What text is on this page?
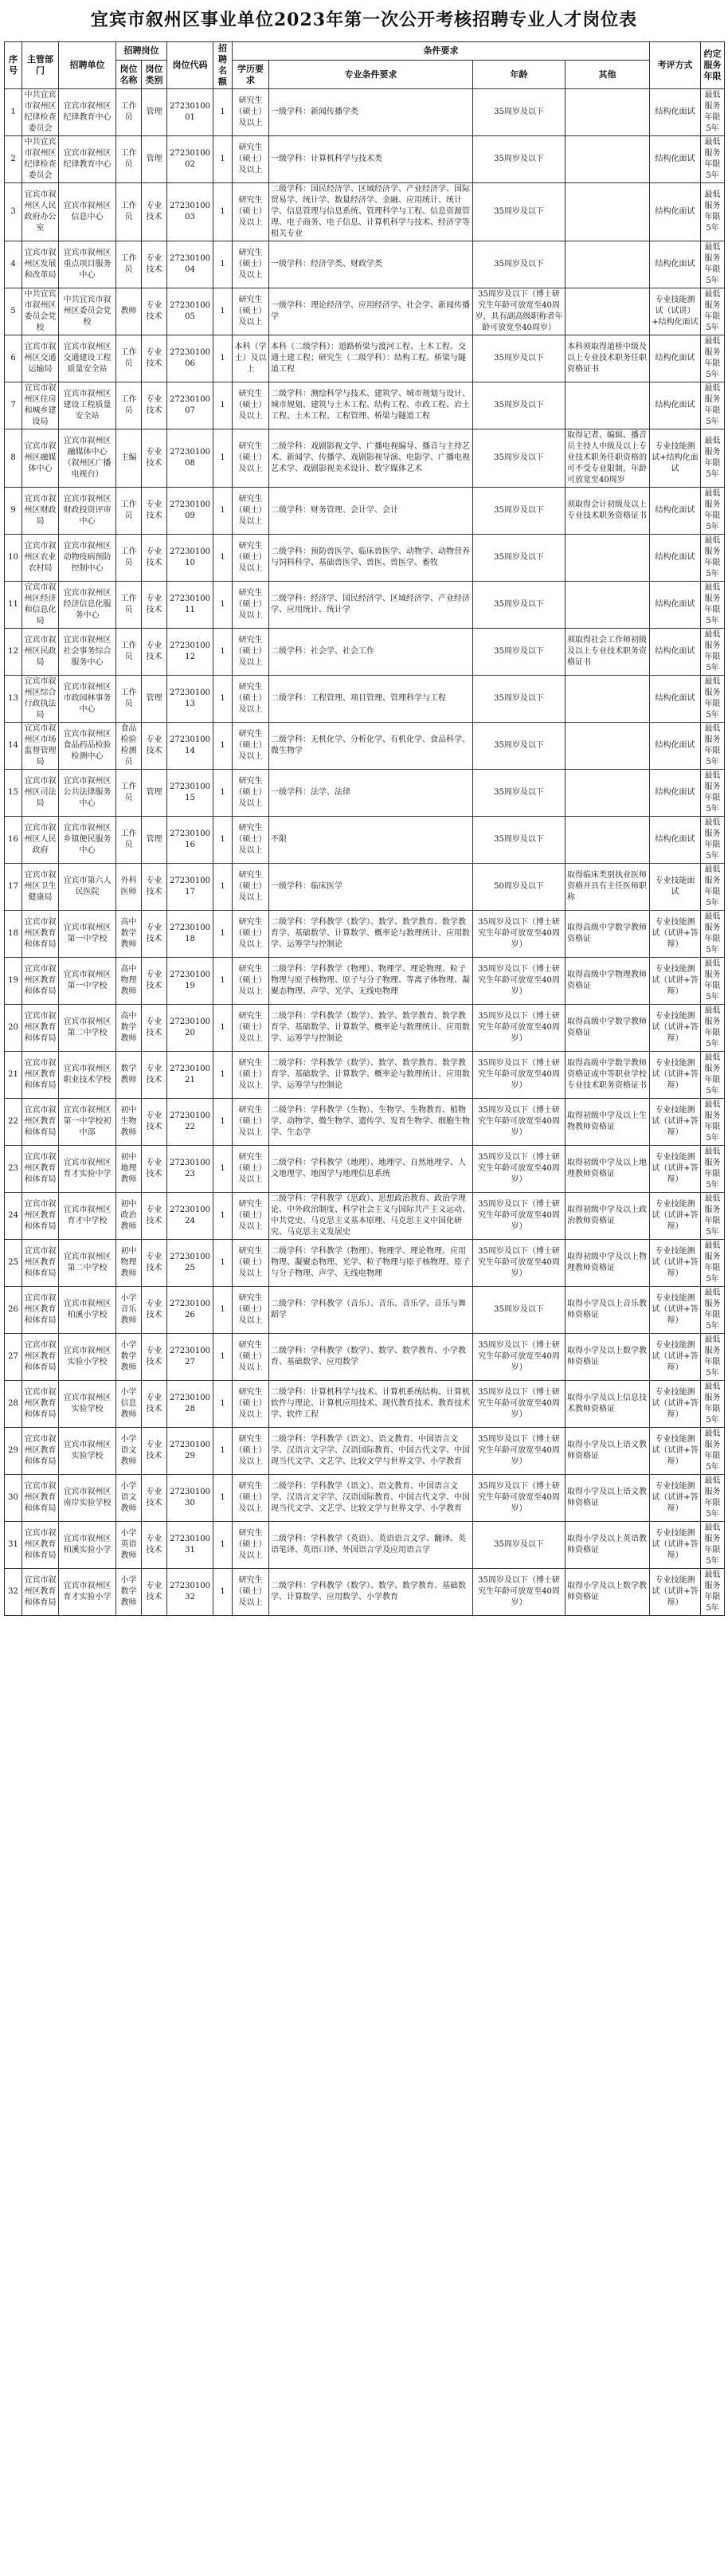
宜宾市叙州区事业单位2023年第一次公开考核招聘专业人才岗位表
序号	主管部门	招聘单位	招聘岗位		岗位代码	招聘名额	条件要求				考评方式	约定服务年限
			岗位名称	岗位类别			学历要求	专业条件要求	年龄	其他		
1	中共宜宾市叙州区纪律检查委员会	宜宾市叙州区纪律教育中心	工作员	管理	2723010001	1	研究生（硕士）及以上	一级学科：新闻传播学类	35周岁及以下		结构化面试	最低服务年限5年
2	中共宜宾市叙州区纪律检查委员会	宜宾市叙州区纪律教育中心	工作员	管理	2723010002	1	研究生（硕士）及以上	一级学科：计算机科学与技术类	35周岁及以下		结构化面试	最低服务年限5年
3	宜宾市叙州区人民政府办公室	宜宾市叙州区信息中心	工作员	专业技术	2723010003	1	研究生（硕士）及以上	二级学科：国民经济学、区域经济学、产业经济学、国际贸易学、统计学、数量经济学、金融、应用统计、统计学、信息管理与信息系统、管理科学与工程、信息资源管理、电子商务、电子信息、计算机科学与技术、经济学等相关专业	35周岁及以下		结构化面试	最低服务年限5年
4	宜宾市叙州区发展和改革局	宜宾市叙州区重点项目服务中心	工作员	专业技术	2723010004	1	研究生（硕士）及以上	一级学科：经济学类、财政学类	35周岁及以下		结构化面试	最低服务年限5年
5	中共宜宾市叙州区委员会党校	中共宜宾市叙州区委员会党校	教师	专业技术	2723010005	1	研究生（硕士）及以上	一级学科：理论经济学、应用经济学、社会学、新闻传播学	35周岁及以下（博士研究生年龄可放宽至40周岁，具有副高级职称者年龄可放宽至40周岁）		专业技能测试（试讲）+结构化面试	最低服务年限5年
6	宜宾市叙州区交通运输局	宜宾市叙州区交通建设工程质量安全站	工作员	专业技术	2723010006	1	本科（学士）及以上	本科（二级学科）：道路桥梁与渡河工程、土木工程、交通土建工程；研究生（二级学科）：结构工程、桥梁与隧道工程	35周岁及以下	本科须取得道桥中级及以上专业技术职务任职资格证书	结构化面试	最低服务年限5年
7	宜宾市叙州区住房和城乡建设局	宜宾市叙州区建设工程质量安全站	工作员	专业技术	2723010007	1	研究生（硕士）及以上	二级学科：测绘科学与技术、建筑学、城市规划与设计、城市规划、建筑与土木工程、结构工程、市政工程、岩土工程、土木工程、工程管理、桥梁与隧道工程	35周岁及以下		结构化面试	最低服务年限5年
8	宜宾市叙州区融媒体中心	宜宾市叙州区融媒体中心（叙州区广播电视台）	主编	专业技术	2723010008	1	研究生（硕士）及以上	二级学科：戏剧影视文学、广播电视编导、播音与主持艺术、新闻学、传播学、戏剧影视导演、电影学、广播电视艺术学、戏剧影视美术设计、数字媒体艺术	35周岁及以下	取得记者、编辑、播音员主持人中级及以上专业技术职务任职资格的可不受专业限制，年龄可放宽至40周岁	专业技能测试+结构化面试	最低服务年限5年
9	宜宾市叙州区财政局	宜宾市叙州区财政投资评审中心	工作员	专业技术	2723010009	1	研究生（硕士）及以上	二级学科：财务管理、会计学、会计	35周岁及以下	须取得会计初级及以上专业技术职务资格证书	结构化面试	最低服务年限5年
10	宜宾市叙州区农业农村局	宜宾市叙州区动物疫病预防控制中心	工作员	专业技术	2723010010	1	研究生（硕士）及以上	二级学科：预防兽医学、临床兽医学、动物学、动物营养与饲料科学、基础兽医学、兽医、兽医学、畜牧	35周岁及以下		结构化面试	最低服务年限5年
11	宜宾市叙州区经济和信息化局	宜宾市叙州区经济信息化服务中心	工作员	专业技术	2723010011	1	研究生（硕士）及以上	二级学科：经济学、国民经济学、区域经济学、产业经济学、应用统计、统计学	35周岁及以下		结构化面试	最低服务年限5年
12	宜宾市叙州区民政局	宜宾市叙州区社会事务综合服务中心	工作员	专业技术	2723010012	1	研究生（硕士）及以上	二级学科：社会学、社会工作	35周岁及以下	须取得社会工作师初级及以上专业技术职务资格证书	结构化面试	最低服务年限5年
13	宜宾市叙州区综合行政执法局	宜宾市叙州区市政园林事务中心	工作员	管理	2723010013	1	研究生（硕士）及以上	二级学科：工程管理、项目管理、管理科学与工程	35周岁及以下		结构化面试	最低服务年限5年
14	宜宾市叙州区市场监督管理局	宜宾市叙州区食品药品检验检测中心	食品检验检测员	专业技术	2723010014	1	研究生（硕士）及以上	二级学科：无机化学、分析化学、有机化学、食品科学、微生物学	35周岁及以下		结构化面试	最低服务年限5年
15	宜宾市叙州区司法局	宜宾市叙州区公共法律服务中心	工作员	管理	2723010015	1	研究生（硕士）及以上	一级学科：法学、法律	35周岁及以下		结构化面试	最低服务年限5年
16	宜宾市叙州区人民政府	宜宾市叙州区乡镇便民服务中心	工作员	管理	2723010016	1	研究生（硕士）及以上	不限	35周岁及以下		结构化面试	最低服务年限5年
17	宜宾市叙州区卫生健康局	宜宾市第六人民医院	外科医师	专业技术	2723010017	1	研究生（硕士）及以上	一级学科：临床医学	50周岁及以下	取得临床类别执业医师资格并具有主任医师职称	专业技能面试	最低服务年限5年
18	宜宾市叙州区教育和体育局	宜宾市叙州区第一中学校	高中数学教师	专业技术	2723010018	1	研究生（硕士）及以上	二级学科：学科教学（数学）、数学、数学教育、数学教育学、基础数学、计算数学、概率论与数理统计、应用数学、运筹学与控制论	35周岁及以下（博士研究生年龄可放宽至40周岁）	取得高级中学数学教师资格证	专业技能测试（试讲+答辩）	最低服务年限5年
19	宜宾市叙州区教育和体育局	宜宾市叙州区第一中学校	高中物理教师	专业技术	2723010019	1	研究生（硕士）及以上	二级学科：学科教学（物理）、物理学、理论物理、粒子物理与原子核物理、原子与分子物理、等离子体物理、凝聚态物理、声学、光学、无线电物理	35周岁及以下（博士研究生年龄可放宽至40周岁）	取得高级中学物理教师资格证	专业技能测试（试讲+答辩）	最低服务年限5年
20	宜宾市叙州区教育和体育局	宜宾市叙州区第二中学校	高中数学教师	专业技术	2723010020	1	研究生（硕士）及以上	二级学科：学科教学（数学）、数学、数学教育、数学教育学、基础数学、计算数学、概率论与数理统计、应用数学、运筹学与控制论	35周岁及以下（博士研究生年龄可放宽至40周岁）	取得高级中学数学教师资格证	专业技能测试（试讲+答辩）	最低服务年限5年
21	宜宾市叙州区教育和体育局	宜宾市叙州区职业技术学校	数学教师	专业技术	2723010021	1	研究生（硕士）及以上	二级学科：学科教学（数学）、数学、数学教育、数学教育学、基础数学、计算数学、概率论与数理统计、应用数学、运筹学与控制论	35周岁及以下（博士研究生年龄可放宽至40周岁）	取得高级中学数学教师资格证或中等职业学校专业技术职务资格证书	专业技能测试（试讲+答辩）	最低服务年限5年
22	宜宾市叙州区教育和体育局	宜宾市叙州区第一中学校初中部	初中生物教师	专业技术	2723010022	1	研究生（硕士）及以上	二级学科：学科教学（生物）、生物学、生物教育、植物学、动物学、微生物学、遗传学、发育生物学、细胞生物学、生态学	35周岁及以下（博士研究生年龄可放宽至40周岁）	取得初级中学及以上生物教师资格证	专业技能测试（试讲+答辩）	最低服务年限5年
23	宜宾市叙州区教育和体育局	宜宾市叙州区育才实验中学	初中地理教师	专业技术	2723010023	1	研究生（硕士）及以上	二级学科：学科教学（地理）、地理学、自然地理学、人文地理学、地图学与地理信息系统	35周岁及以下（博士研究生年龄可放宽至40周岁）	取得初级中学及以上地理教师资格证	专业技能测试（试讲+答辩）	最低服务年限5年
24	宜宾市叙州区教育和体育局	宜宾市叙州区育才中学校	初中政治教师	专业技术	2723010024	1	研究生（硕士）及以上	二级学科：学科教学（思政）、思想政治教育、政治学理论、中外政治制度、科学社会主义与国际共产主义运动、中共党史、马克思主义基本原理、马克思主义中国化研究、马克思主义发展史	35周岁及以下（博士研究生年龄可放宽至40周岁）	取得初级中学及以上政治教师资格证	专业技能测试（试讲+答辩）	最低服务年限5年
25	宜宾市叙州区教育和体育局	宜宾市叙州区第二中学校	初中物理教师	专业技术	2723010025	1	研究生（硕士）及以上	二级学科：学科教学（物理）、物理学、理论物理、应用物理、凝聚态物理、光学、粒子物理与原子核物理、原子与分子物理、声学、无线电物理	35周岁及以下（博士研究生年龄可放宽至40周岁）	取得初级中学及以上物理教师资格证	专业技能测试（试讲+答辩）	最低服务年限5年
26	宜宾市叙州区教育和体育局	宜宾市叙州区柏溪小学校	小学音乐教师	专业技术	2723010026	1	研究生（硕士）及以上	二级学科：学科教学（音乐）、音乐、音乐学、音乐与舞蹈学	35周岁及以下	取得小学及以上音乐教师资格证	专业技能测试（试讲+答辩）	最低服务年限5年
27	宜宾市叙州区教育和体育局	宜宾市叙州区实验小学校	小学数学教师	专业技术	2723010027	1	研究生（硕士）及以上	二级学科：学科教学（数学）、数学、数学教育、小学教育、基础数学、应用数学	35周岁及以下（博士研究生年龄可放宽至40周岁）	取得小学及以上数学教师资格证	专业技能测试（试讲+答辩）	最低服务年限5年
28	宜宾市叙州区教育和体育局	宜宾市叙州区实验学校	小学信息教师	专业技术	2723010028	1	研究生（硕士）及以上	二级学科：计算机科学与技术、计算机系统结构、计算机软件与理论、计算机应用技术、现代教育技术、教育技术学、软件工程	35周岁及以下（博士研究生年龄可放宽至40周岁）	取得小学及以上信息技术教师资格证	专业技能测试（试讲+答辩）	最低服务年限5年
29	宜宾市叙州区教育和体育局	宜宾市叙州区实验学校	小学语文教师	专业技术	2723010029	1	研究生（硕士）及以上	二级学科：学科教学（语文）、语文教育、中国语言文学、汉语言文字学、汉语国际教育、中国古代文学、中国现当代文学、文艺学、比较文学与世界文学、小学教育	35周岁及以下（博士研究生年龄可放宽至40周岁）	取得小学及以上语文教师资格证	专业技能测试（试讲+答辩）	最低服务年限5年
30	宜宾市叙州区教育和体育局	宜宾市叙州区南岸实验学校	小学语文教师	专业技术	2723010030	1	研究生（硕士）及以上	二级学科：学科教学（语文）、语文教育、中国语言文学、汉语言文字学、汉语国际教育、中国古代文学、中国现当代文学、文艺学、比较文学与世界文学、小学教育	35周岁及以下（博士研究生年龄可放宽至40周岁）	取得小学及以上语文教师资格证	专业技能测试（试讲+答辩）	最低服务年限5年
31	宜宾市叙州区教育和体育局	宜宾市叙州区柏溪实验小学	小学英语教师	专业技术	2723010031	1	研究生（硕士）及以上	二级学科：学科教学（英语）、英语语言文学、翻译、英语笔译、英语口译、外国语言学及应用语言学	35周岁及以下	取得小学及以上英语教师资格证	专业技能测试（试讲+答辩）	最低服务年限5年
32	宜宾市叙州区教育和体育局	宜宾市叙州区育才实验小学	小学数学教师	专业技术	2723010032	1	研究生（硕士）及以上	二级学科：学科教学（数学）、数学、数学教育、基础数学、计算数学、应用数学、小学教育	35周岁及以下（博士研究生年龄可放宽至40周岁）	取得小学及以上数学教师资格证	专业技能测试（试讲+答辩）	最低服务年限5年
